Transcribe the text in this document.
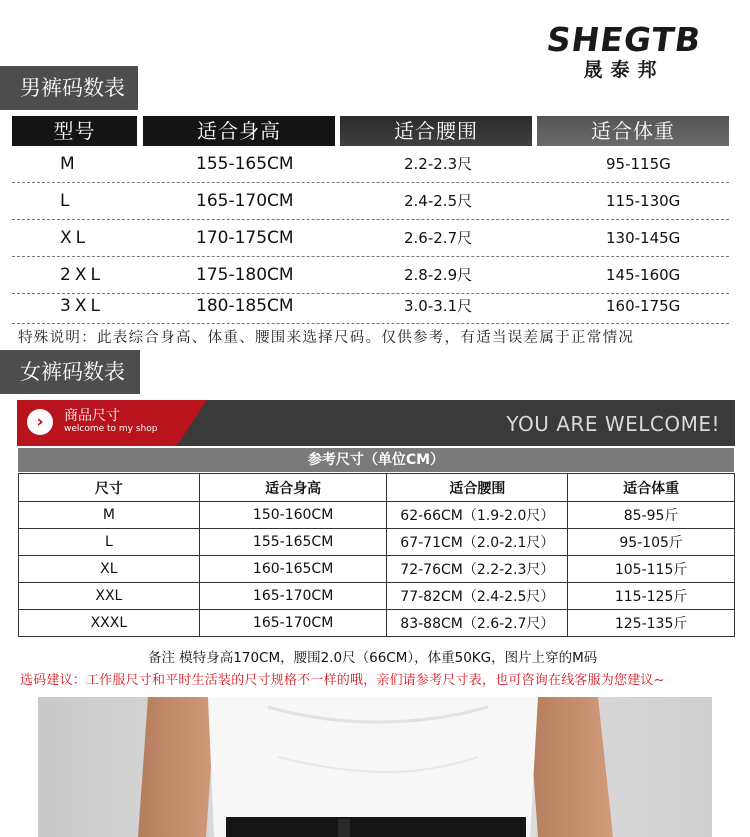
SHEGTB
晟泰邦
男裤码数表
型号	适合身高	适合腰围	适合体重
M	155-165CM	2.2-2.3尺	95-115G
L	165-170CM	2.4-2.5尺	115-130G
XL	170-175CM	2.6-2.7尺	130-145G
2XL	175-180CM	2.8-2.9尺	145-160G
3XL	180-185CM	3.0-3.1尺	160-175G
特殊说明：此表综合身高、体重、腰围来选择尺码。仅供参考，有适当误差属于正常情况
女裤码数表
›	商品尺寸
welcome to my shop	YOU ARE WELCOME!
参考尺寸（单位CM）
尺寸	适合身高	适合腰围	适合体重
M	150-160CM	62-66CM（1.9-2.0尺）	85-95斤
L	155-165CM	67-71CM（2.0-2.1尺）	95-105斤
XL	160-165CM	72-76CM（2.2-2.3尺）	105-115斤
XXL	165-170CM	77-82CM（2.4-2.5尺）	115-125斤
XXXL	165-170CM	83-88CM（2.6-2.7尺）	125-135斤
备注 模特身高170CM，腰围2.0尺（66CM），体重50KG，图片上穿的M码
选码建议：工作服尺寸和平时生活装的尺寸规格不一样的哦，亲们请参考尺寸表，也可咨询在线客服为您建议~
